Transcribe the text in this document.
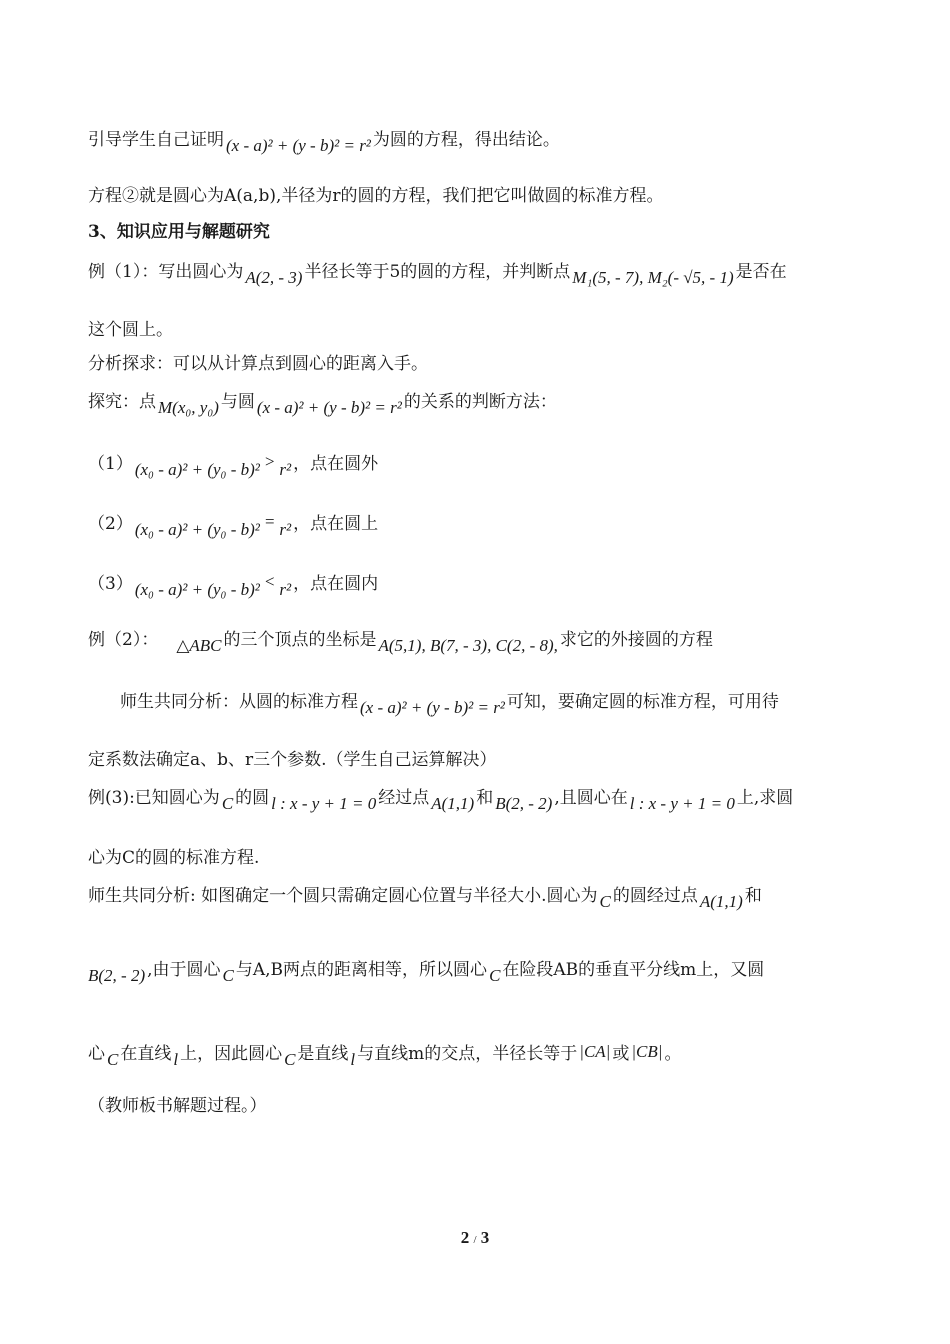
引导学生自己证明 (x - a)² + (y - b)² = r² 为圆的方程，得出结论。
方程②就是圆心为A(a,b),半径为r的圆的方程，我们把它叫做圆的标准方程。
3、知识应用与解题研究
例（1）：写出圆心为 A(2, - 3) 半径长等于5的圆的方程，并判断点 M₁(5, - 7), M₂(- √5, - 1) 是否在
这个圆上。
分析探求：可以从计算点到圆心的距离入手。
探究：点 M(x₀, y₀) 与圆 (x - a)² + (y - b)² = r² 的关系的判断方法：
（1） (x₀ - a)² + (y₀ - b)² > r² ，点在圆外
（2） (x₀ - a)² + (y₀ - b)² = r² ，点在圆上
（3） (x₀ - a)² + (y₀ - b)² < r² ，点在圆内
例（2）： △ABC 的三个顶点的坐标是 A(5,1), B(7, - 3), C(2, - 8), 求它的外接圆的方程
师生共同分析：从圆的标准方程 (x - a)² + (y - b)² = r² 可知，要确定圆的标准方程，可用待
定系数法确定a、b、r三个参数.（学生自己运算解决）
例(3):已知圆心为 C 的圆 l : x - y + 1 = 0 经过点 A(1,1) 和 B(2, - 2) ,且圆心在 l : x - y + 1 = 0 上,求圆
心为C的圆的标准方程.
师生共同分析: 如图确定一个圆只需确定圆心位置与半径大小.圆心为 C 的圆经过点 A(1,1) 和
B(2, - 2) ,由于圆心 C 与A,B两点的距离相等，所以圆心 C 在险段AB的垂直平分线m上，又圆
心 C 在直线 l 上，因此圆心 C 是直线 l 与直线m的交点，半径长等于 |CA| 或 |CB| 。
（教师板书解题过程。）
2 / 3
